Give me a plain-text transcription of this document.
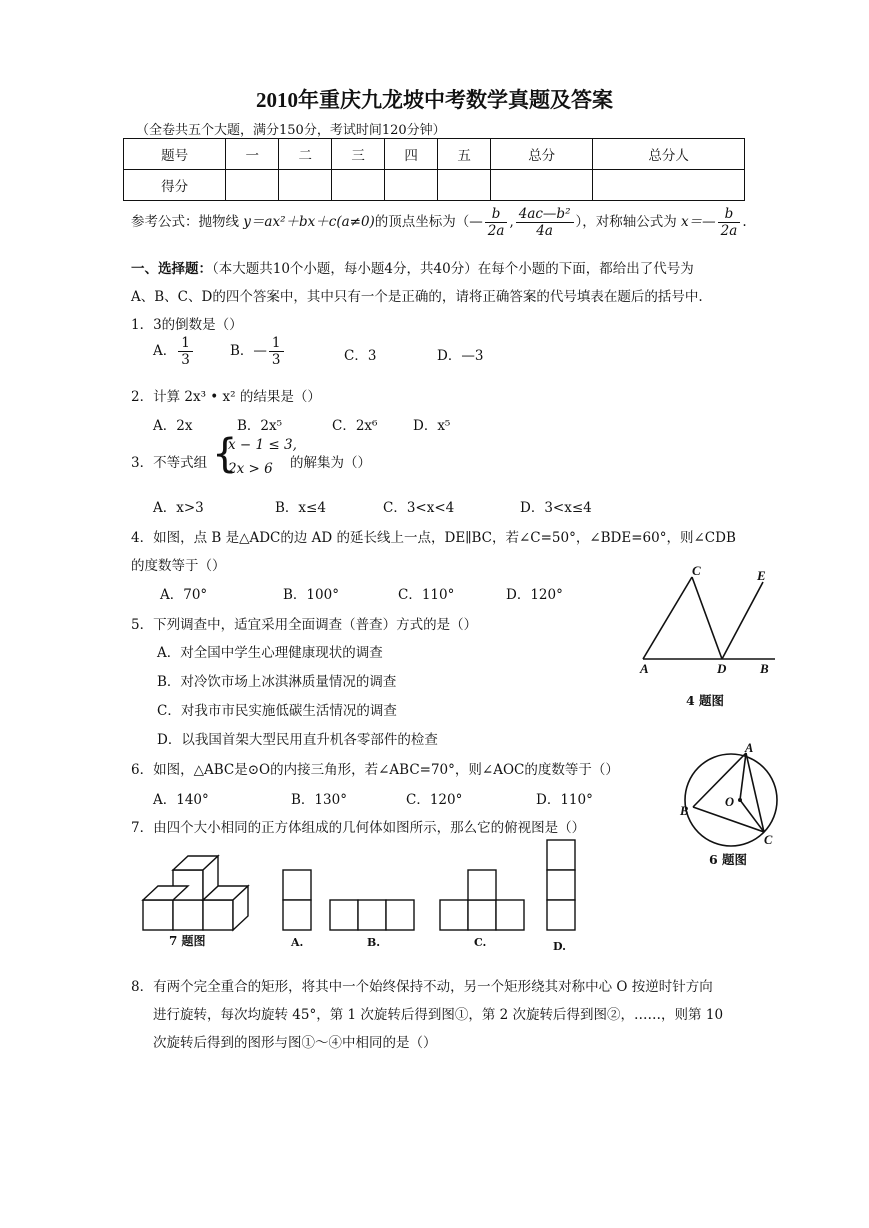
2010年重庆九龙坡中考数学真题及答案
（全卷共五个大题，满分150分，考试时间120分钟）
题号	一	二	三	四	五	总分	总分人
得分							
参考公式：抛物线 y＝ax²＋bx＋c(a≠0)的顶点坐标为（— $\frac{b}{2a}$ , $\frac{\text{4ac—b²}}{4a}$ ），对称轴公式为 x＝— $\frac{b}{2a}$ .
一、选择题：（本大题共10个小题，每小题4分，共40分）在每个小题的下面，都给出了代号为
A、B、C、D的四个答案中，其中只有一个是正确的，请将正确答案的代号填表在题后的括号中.
1．3的倒数是（）
A． $\frac{1}{3}$	B．— $\frac{1}{3}$	C．3	D．—3
2．计算 2x³ • x² 的结果是（）
A．2x	B．2x⁵	C．2x⁶	D．x⁵
3．不等式组 {
x − 1 ≤ 3,
2x > 6 的解集为（）
A．x>3	B．x≤4	C．3<x<4	D．3<x≤4
4．如图，点 B 是△ADC的边 AD 的延长线上一点，DE∥BC，若∠C=50°，∠BDE=60°，则∠CDB
的度数等于（）
A．70°	B．100°	C．110°	D．120°
A
C
D	B
E
4 题图
5．下列调查中，适宜采用全面调查（普查）方式的是（）
A．对全国中学生心理健康现状的调查
B．对冷饮市场上冰淇淋质量情况的调查
C．对我市市民实施低碳生活情况的调查
D．以我国首架大型民用直升机各零部件的检查
6．如图，△ABC是⊙O的内接三角形，若∠ABC=70°，则∠AOC的度数等于（）
A．140°	B．130°	C．120°	D．110°
A
B
O
C
6 题图
7．由四个大小相同的正方体组成的几何体如图所示，那么它的俯视图是（）
7 题图	A.	B.	C.	D.
8．有两个完全重合的矩形，将其中一个始终保持不动，另一个矩形绕其对称中心 O 按逆时针方向
进行旋转，每次均旋转 45°，第 1 次旋转后得到图①，第 2 次旋转后得到图②，……，则第 10
次旋转后得到的图形与图①～④中相同的是（）
